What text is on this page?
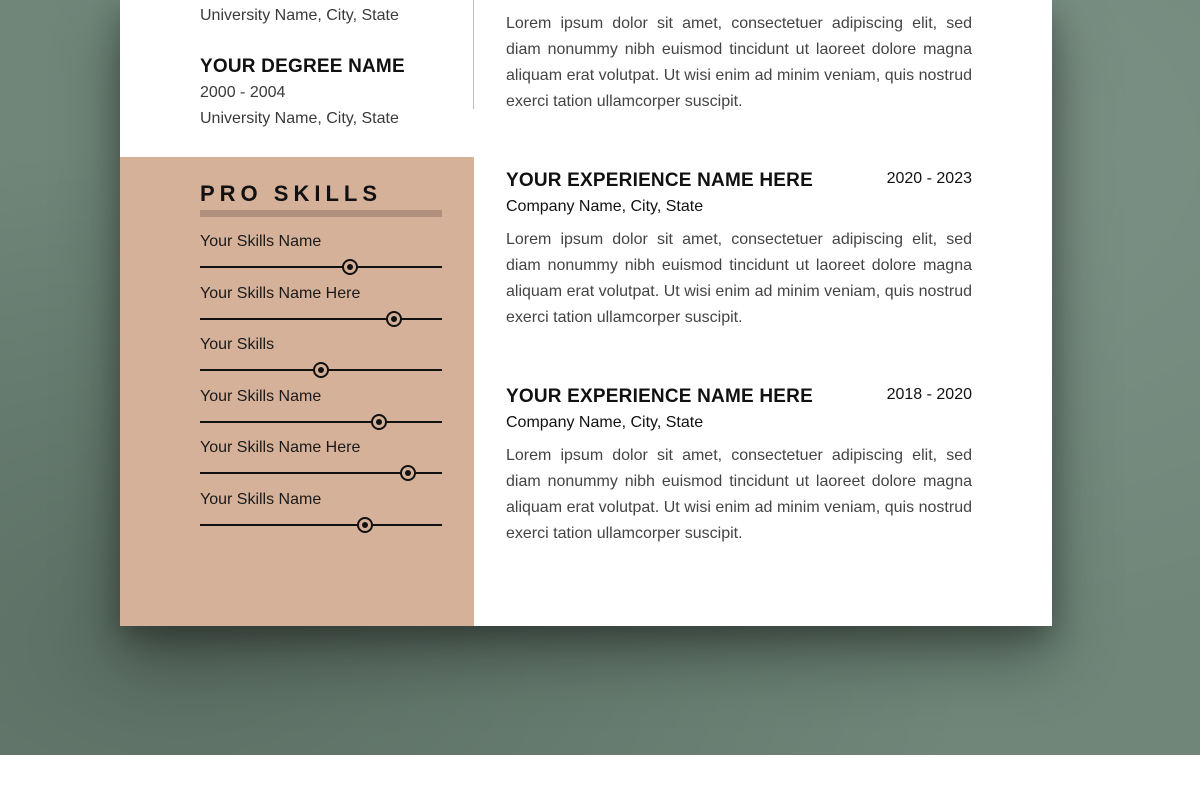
University Name, City, State
YOUR DEGREE NAME
2000 - 2004
University Name, City, State
Lorem ipsum dolor sit amet, consectetuer adipiscing elit, sed diam nonummy nibh euismod tincidunt ut laoreet dolore magna aliquam erat volutpat. Ut wisi enim ad minim veniam, quis nostrud exerci tation ullamcorper suscipit.
PRO SKILLS
Your Skills Name
Your Skills Name Here
Your Skills
Your Skills Name
Your Skills Name Here
Your Skills Name
YOUR EXPERIENCE NAME HERE	2020 - 2023
Company Name, City, State
Lorem ipsum dolor sit amet, consectetuer adipiscing elit, sed diam nonummy nibh euismod tincidunt ut laoreet dolore magna aliquam erat volutpat. Ut wisi enim ad minim veniam, quis nostrud exerci tation ullamcorper suscipit.
YOUR EXPERIENCE NAME HERE	2018 - 2020
Company Name, City, State
Lorem ipsum dolor sit amet, consectetuer adipiscing elit, sed diam nonummy nibh euismod tincidunt ut laoreet dolore magna aliquam erat volutpat. Ut wisi enim ad minim veniam, quis nostrud exerci tation ullamcorper suscipit.
